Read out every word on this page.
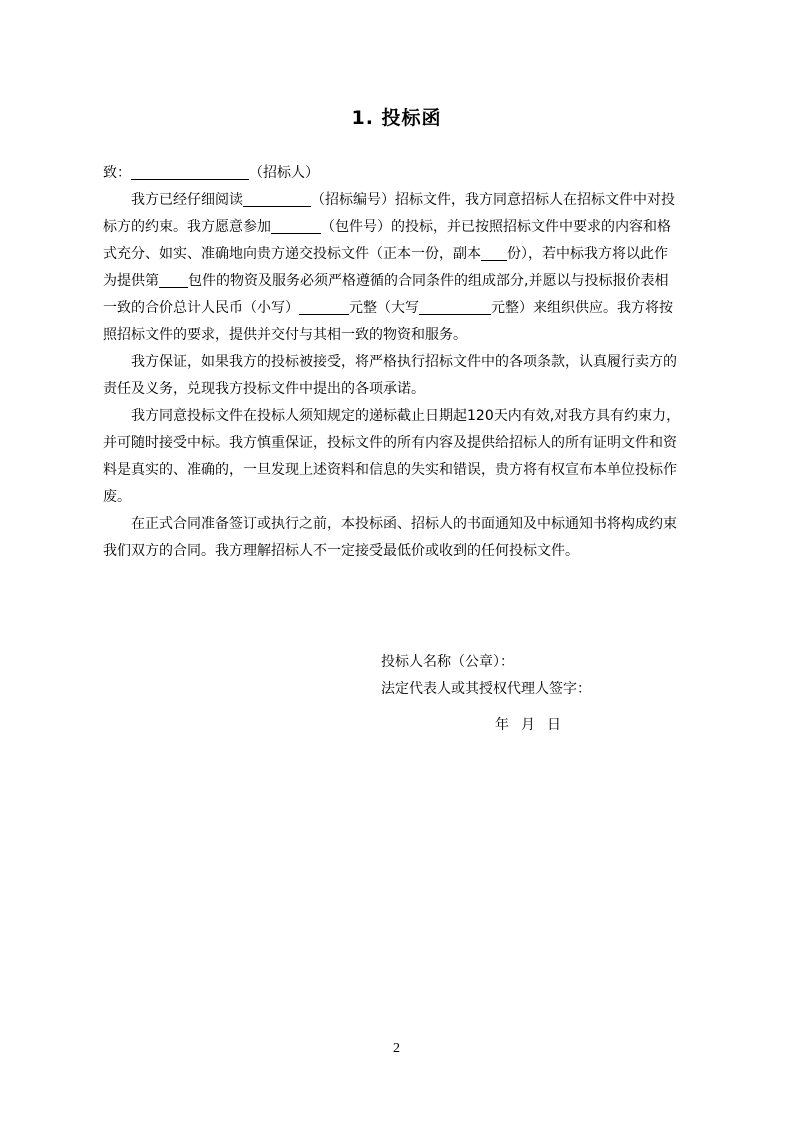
1. 投标函
致：	（招标人）
我方已经仔细阅读	（招标编号）招标文件，我方同意招标人在招标文件中对投
标方的约束。我方愿意参加	（包件号）的投标，并已按照招标文件中要求的内容和格
式充分、如实、准确地向贵方递交投标文件（正本一份，副本 份），若中标我方将以此作
为提供第 包件的物资及服务必须严格遵循的合同条件的组成部分,并愿以与投标报价表相
一致的合价总计人民币（小写）	元整（大写	元整）来组织供应。我方将按
照招标文件的要求，提供并交付与其相一致的物资和服务。
我方保证，如果我方的投标被接受，将严格执行招标文件中的各项条款，认真履行卖方的
责任及义务，兑现我方投标文件中提出的各项承诺。
我方同意投标文件在投标人须知规定的递标截止日期起120天内有效,对我方具有约束力，
并可随时接受中标。我方慎重保证，投标文件的所有内容及提供给招标人的所有证明文件和资
料是真实的、准确的，一旦发现上述资料和信息的失实和错误，贵方将有权宣布本单位投标作
废。
在正式合同准备签订或执行之前，本投标函、招标人的书面通知及中标通知书将构成约束
我们双方的合同。我方理解招标人不一定接受最低价或收到的任何投标文件。
投标人名称（公章）：
法定代表人或其授权代理人签字：
年 月 日
2
